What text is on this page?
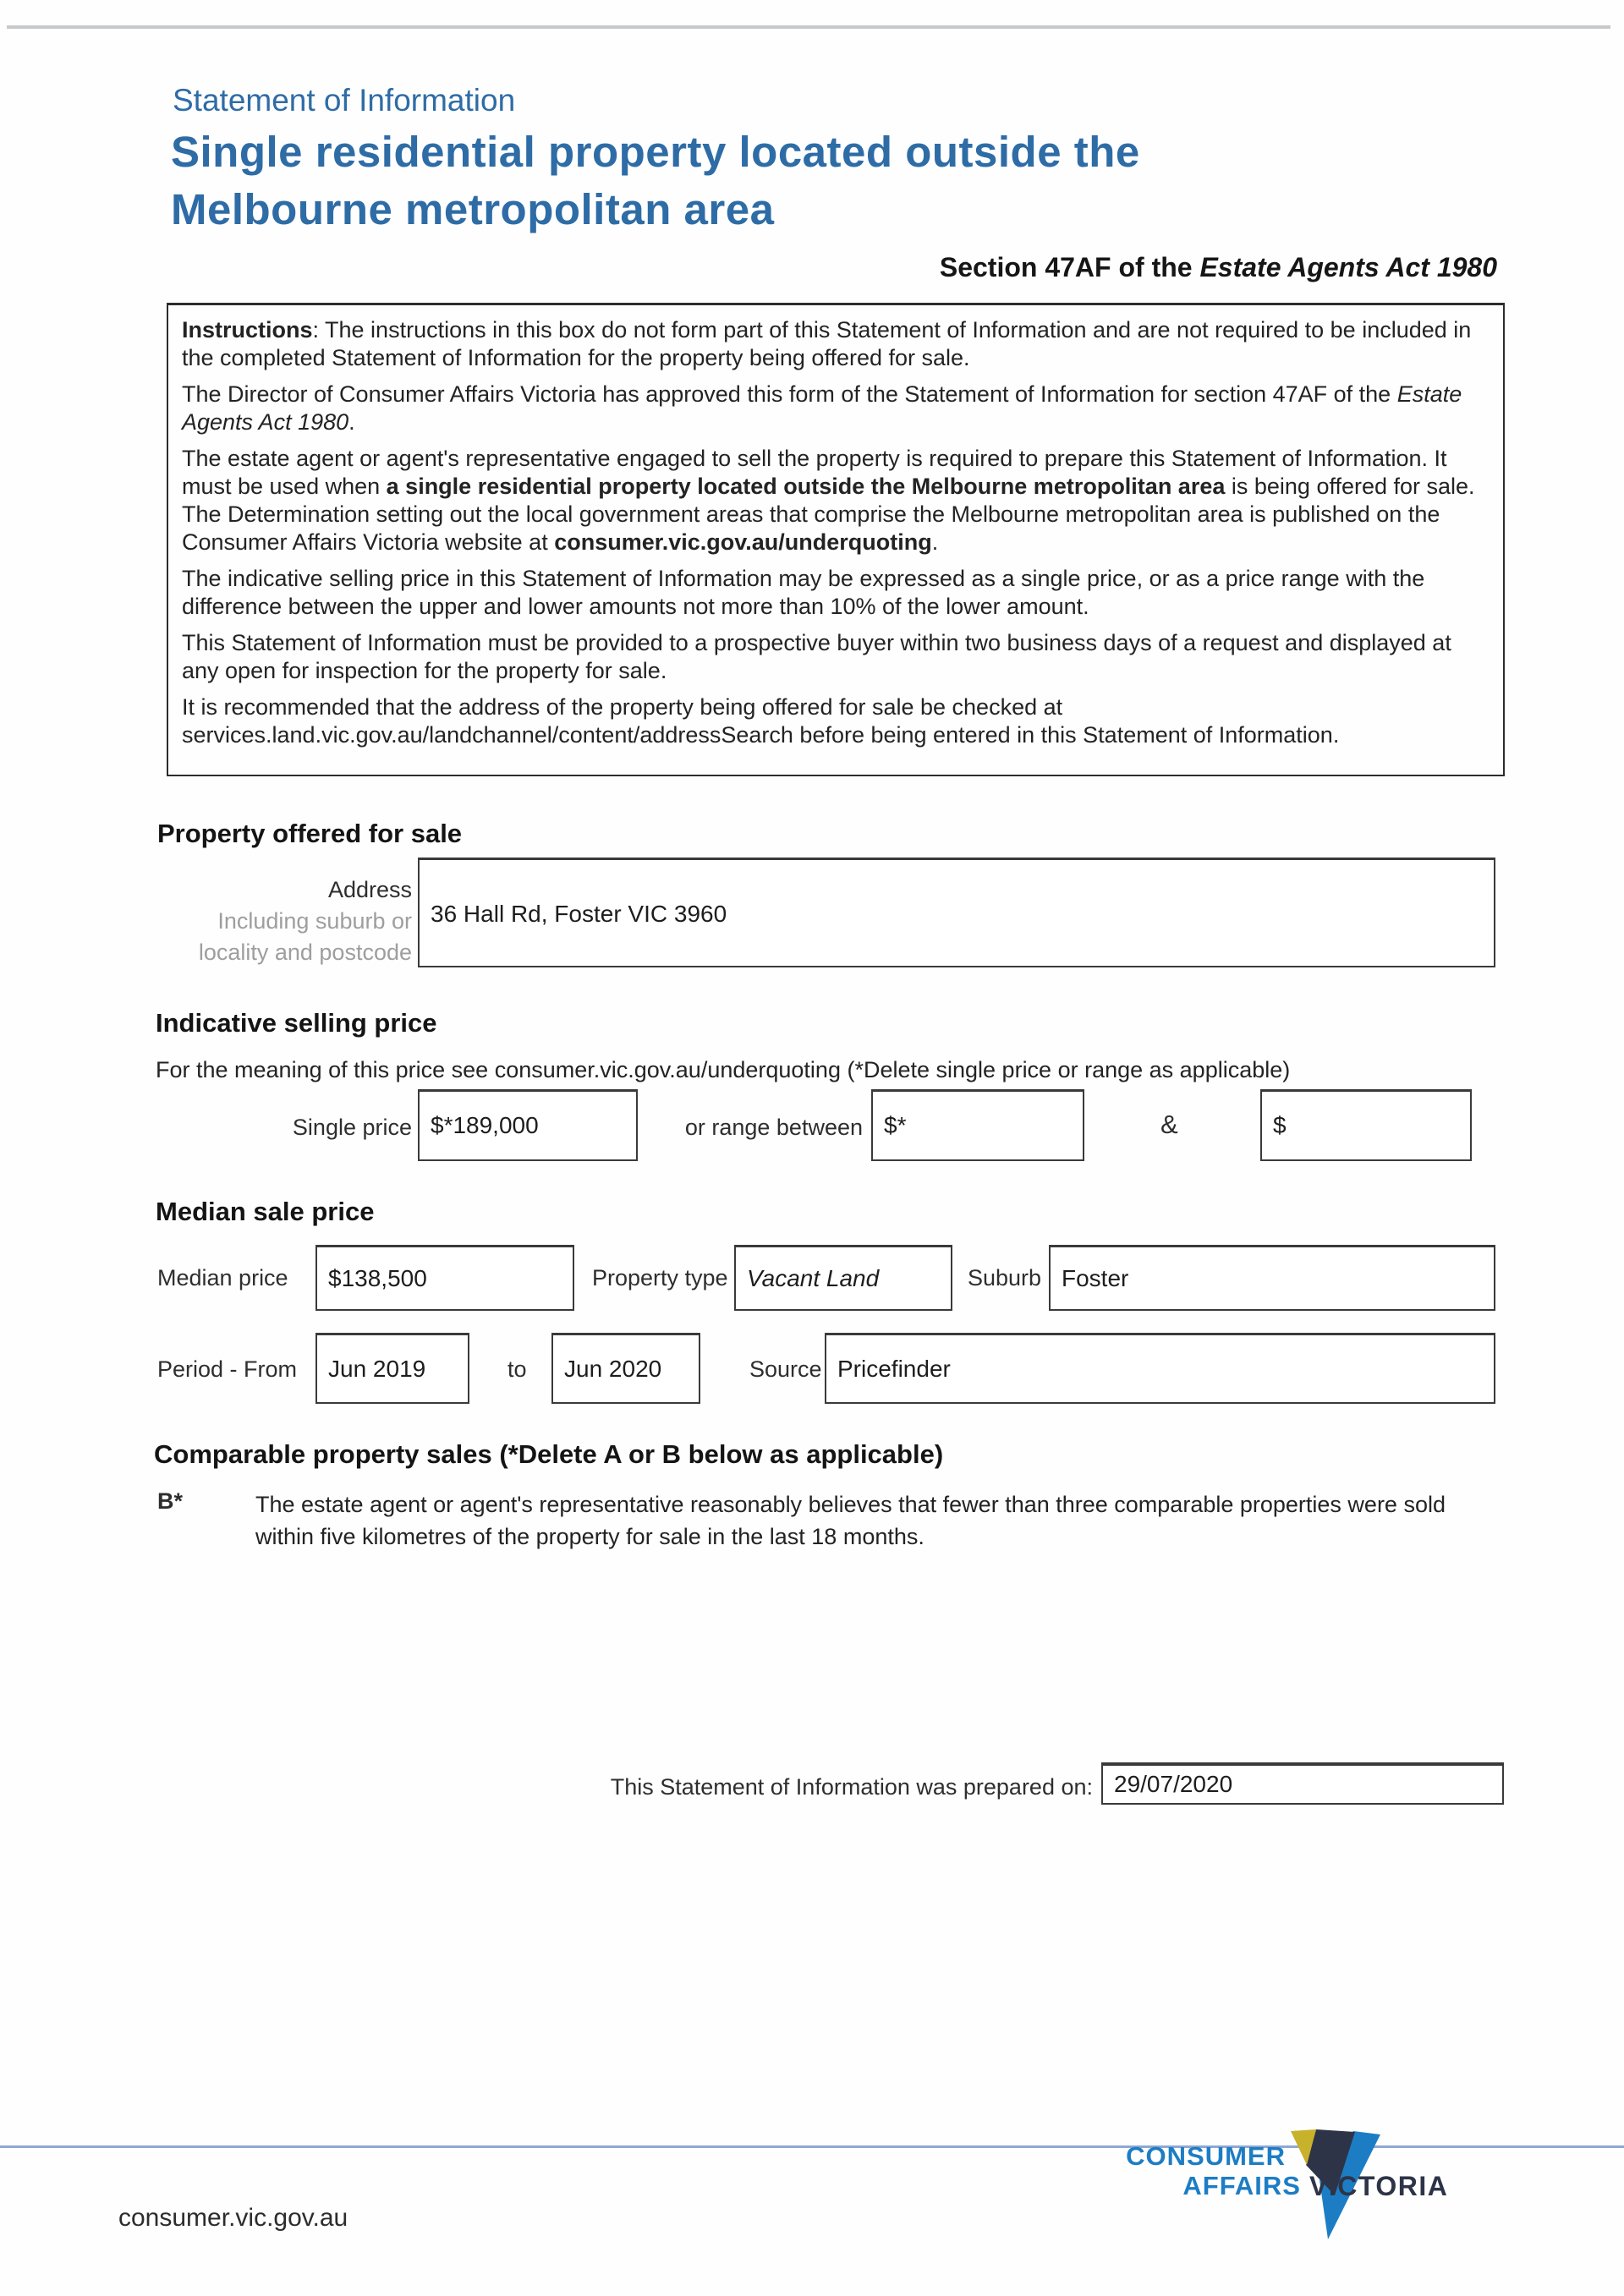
Statement of Information
Single residential property located outside the
Melbourne metropolitan area
Section 47AF of the Estate Agents Act 1980

Instructions: The instructions in this box do not form part of this Statement of Information and are not required to be included in the completed Statement of Information for the property being offered for sale.

The Director of Consumer Affairs Victoria has approved this form of the Statement of Information for section 47AF of the Estate Agents Act 1980.

The estate agent or agent's representative engaged to sell the property is required to prepare this Statement of Information. It must be used when a single residential property located outside the Melbourne metropolitan area is being offered for sale. The Determination setting out the local government areas that comprise the Melbourne metropolitan area is published on the Consumer Affairs Victoria website at consumer.vic.gov.au/underquoting.

The indicative selling price in this Statement of Information may be expressed as a single price, or as a price range with the difference between the upper and lower amounts not more than 10% of the lower amount.

This Statement of Information must be provided to a prospective buyer within two business days of a request and displayed at any open for inspection for the property for sale.

It is recommended that the address of the property being offered for sale be checked at services.land.vic.gov.au/landchannel/content/addressSearch before being entered in this Statement of Information.

Property offered for sale
Address
Including suburb or
locality and postcode
36 Hall Rd, Foster VIC 3960
Indicative selling price
For the meaning of this price see consumer.vic.gov.au/underquoting (*Delete single price or range as applicable)
Single price $*189,000	or range between $*	&	$
Median sale price
Median price $138,500	Property type Vacant Land	Suburb Foster
Period - From Jun 2019	to Jun 2020	Source Pricefinder
Comparable property sales (*Delete A or B below as applicable)
B*	The estate agent or agent's representative reasonably believes that fewer than three comparable properties were sold within five kilometres of the property for sale in the last 18 months.
This Statement of Information was prepared on: 29/07/2020
CONSUMER
AFFAIRS VICTORIA
consumer.vic.gov.au
